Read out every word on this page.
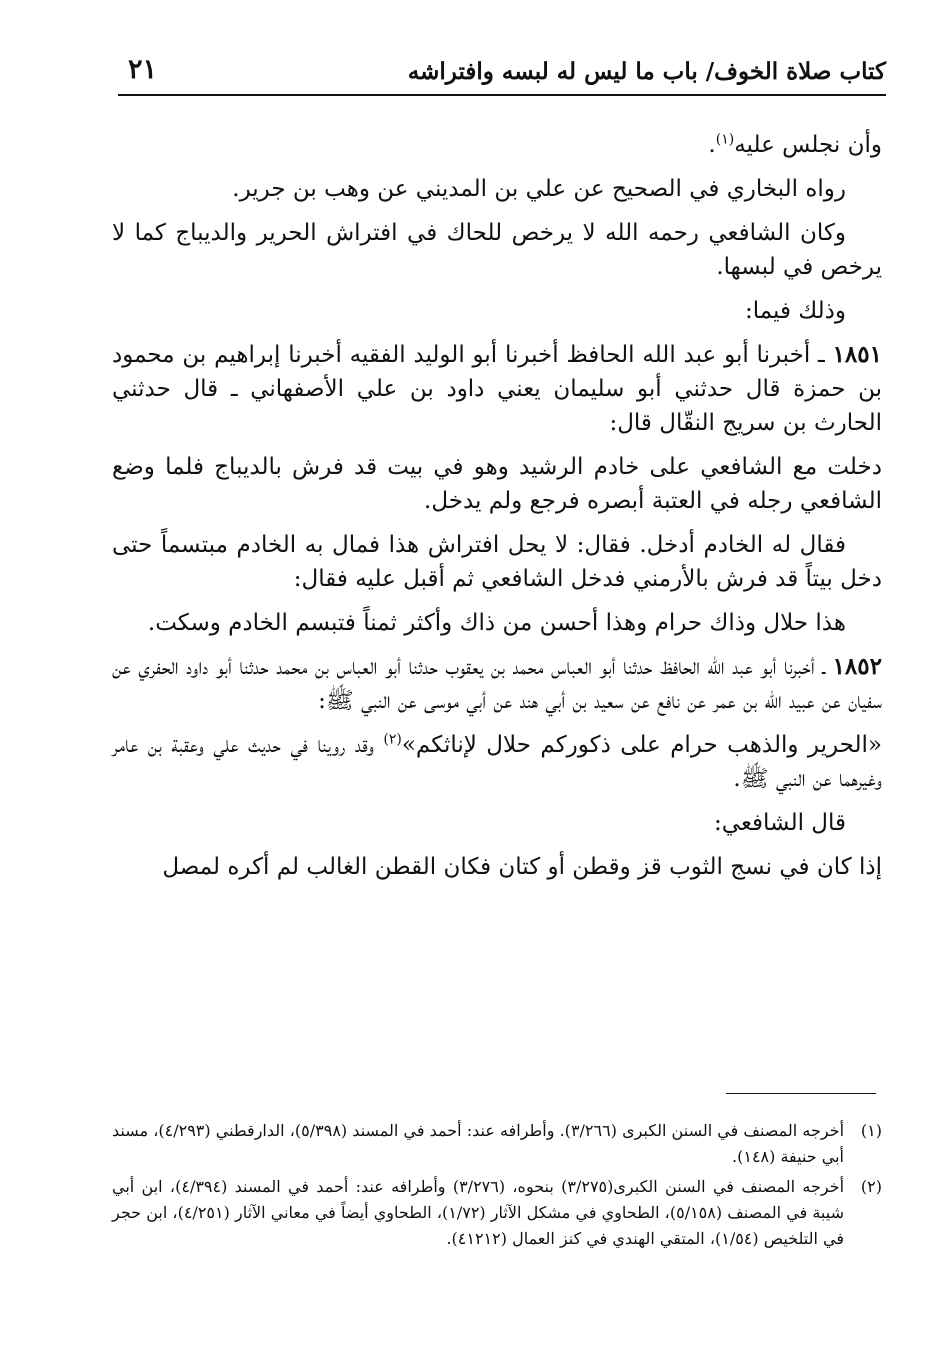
كتاب صلاة الخوف/ باب ما ليس له لبسه وافتراشه
٢١

وأن نجلس عليه$^{(١)}$.

رواه البخاري في الصحيح عن علي بن المديني عن وهب بن جرير.

وكان الشافعي رحمه الله لا يرخص للحاك في افتراش الحرير والديباج كما لا يرخص في لبسها.

وذلك فيما:

١٨٥١ ـ أخبرنا أبو عبد الله الحافظ أخبرنا أبو الوليد الفقيه أخبرنا إبراهيم بن محمود بن حمزة قال حدثني أبو سليمان يعني داود بن علي الأصفهاني ـ قال حدثني الحارث بن سريج النقّال قال:

دخلت مع الشافعي على خادم الرشيد وهو في بيت قد فرش بالديباج فلما وضع الشافعي رجله في العتبة أبصره فرجع ولم يدخل.

فقال له الخادم أدخل. فقال: لا يحل افتراش هذا فمال به الخادم مبتسماً حتى دخل بيتاً قد فرش بالأرمني فدخل الشافعي ثم أقبل عليه فقال:

هذا حلال وذاك حرام وهذا أحسن من ذاك وأكثر ثمناً فتبسم الخادم وسكت.

١٨٥٢ ـ أخبرنا أبو عبد الله الحافظ حدثنا أبو العباس محمد بن يعقوب حدثنا أبو العباس بن محمد حدثنا أبو داود الحفري عن سفيان عن عبيد الله بن عمر عن نافع عن سعيد بن أبي هند عن أبي موسى عن النبي ﷺ:

«الحرير والذهب حرام على ذكوركم حلال لإناثكم»$^{(٢)}$ وقد روينا في حديث علي وعقبة بن عامر وغيرهما عن النبي ﷺ.

قال الشافعي:

إذا كان في نسج الثوب قز وقطن أو كتان فكان القطن الغالب لم أكره لمصل

(١)
أخرجه المصنف في السنن الكبرى (٣/٢٦٦). وأطرافه عند: أحمد في المسند (٥/٣٩٨)، الدارقطني (٤/٢٩٣)، مسند أبي حنيفة (١٤٨).
(٢)
أخرجه المصنف في السنن الكبرى(٣/٢٧٥) بنحوه، (٣/٢٧٦) وأطرافه عند: أحمد في المسند (٤/٣٩٤)، ابن أبي شيبة في المصنف (٥/١٥٨)، الطحاوي في مشكل الآثار (١/٧٢)، الطحاوي أيضاً في معاني الآثار (٤/٢٥١)، ابن حجر في التلخيص (١/٥٤)، المتقي الهندي في كنز العمال (٤١٢١٢).
